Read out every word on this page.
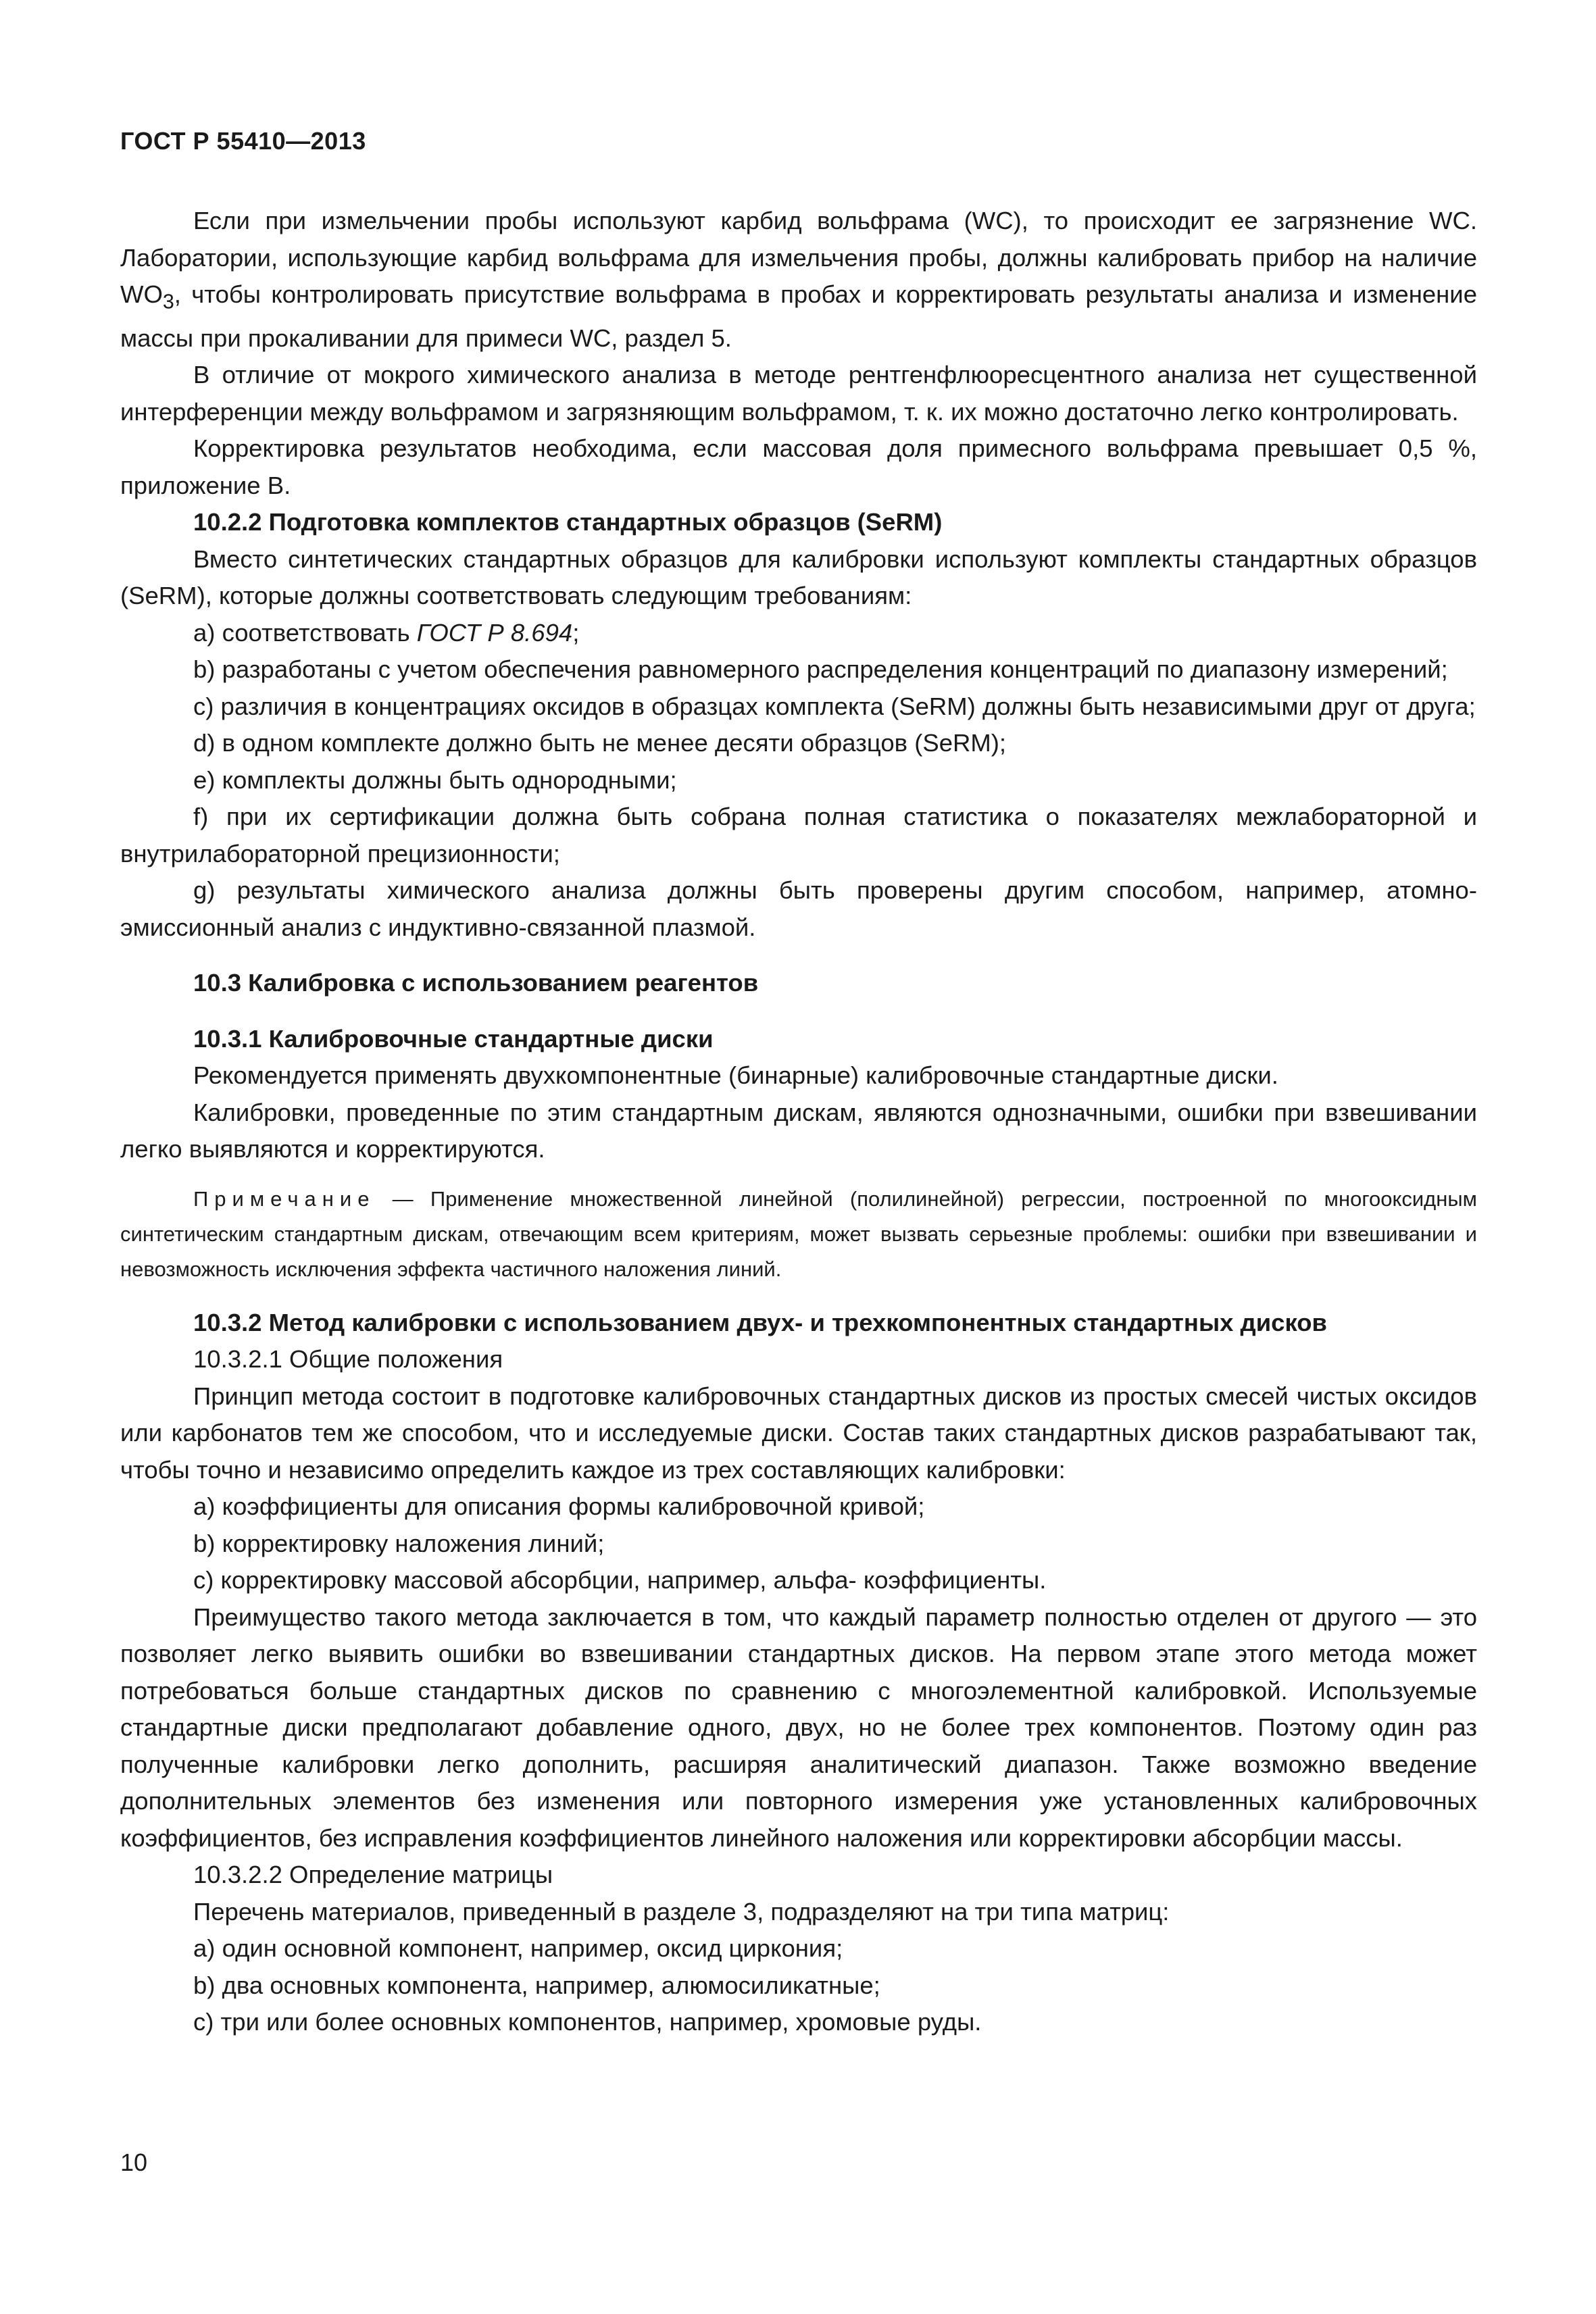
ГОСТ Р 55410—2013

Если при измельчении пробы используют карбид вольфрама (WC), то происходит ее загрязнение WC. Лаборатории, использующие карбид вольфрама для измельчения пробы, должны калибровать прибор на наличие $WO_3$, чтобы контролировать присутствие вольфрама в пробах и корректировать результаты анализа и изменение массы при прокаливании для примеси WC, раздел 5.

В отличие от мокрого химического анализа в методе рентгенфлюоресцентного анализа нет существенной интерференции между вольфрамом и загрязняющим вольфрамом, т. к. их можно достаточно легко контролировать.

Корректировка результатов необходима, если массовая доля примесного вольфрама превышает 0,5 %, приложение В.

10.2.2 Подготовка комплектов стандартных образцов (SeRM)

Вместо синтетических стандартных образцов для калибровки используют комплекты стандартных образцов (SeRM), которые должны соответствовать следующим требованиям:

a) соответствовать ГОСТ Р 8.694;

b) разработаны с учетом обеспечения равномерного распределения концентраций по диапазону измерений;

c) различия в концентрациях оксидов в образцах комплекта (SeRM) должны быть независимыми друг от друга;

d) в одном комплекте должно быть не менее десяти образцов (SeRM);

e) комплекты должны быть однородными;

f) при их сертификации должна быть собрана полная статистика о показателях межлабораторной и внутрилабораторной прецизионности;

g) результаты химического анализа должны быть проверены другим способом, например, атомно-эмиссионный анализ с индуктивно-связанной плазмой.

10.3 Калибровка с использованием реагентов

10.3.1 Калибровочные стандартные диски

Рекомендуется применять двухкомпонентные (бинарные) калибровочные стандартные диски.

Калибровки, проведенные по этим стандартным дискам, являются однозначными, ошибки при взвешивании легко выявляются и корректируются.

Примечание — Применение множественной линейной (полилинейной) регрессии, построенной по многооксидным синтетическим стандартным дискам, отвечающим всем критериям, может вызвать серьезные проблемы: ошибки при взвешивании и невозможность исключения эффекта частичного наложения линий.

10.3.2 Метод калибровки с использованием двух- и трехкомпонентных стандартных дисков

10.3.2.1 Общие положения

Принцип метода состоит в подготовке калибровочных стандартных дисков из простых смесей чистых оксидов или карбонатов тем же способом, что и исследуемые диски. Состав таких стандартных дисков разрабатывают так, чтобы точно и независимо определить каждое из трех составляющих калибровки:

a) коэффициенты для описания формы калибровочной кривой;

b) корректировку наложения линий;

c) корректировку массовой абсорбции, например, альфа- коэффициенты.

Преимущество такого метода заключается в том, что каждый параметр полностью отделен от другого — это позволяет легко выявить ошибки во взвешивании стандартных дисков. На первом этапе этого метода может потребоваться больше стандартных дисков по сравнению с многоэлементной калибровкой. Используемые стандартные диски предполагают добавление одного, двух, но не более трех компонентов. Поэтому один раз полученные калибровки легко дополнить, расширяя аналитический диапазон. Также возможно введение дополнительных элементов без изменения или повторного измерения уже установленных калибровочных коэффициентов, без исправления коэффициентов линейного наложения или корректировки абсорбции массы.

10.3.2.2 Определение матрицы

Перечень материалов, приведенный в разделе 3, подразделяют на три типа матриц:

a) один основной компонент, например, оксид циркония;

b) два основных компонента, например, алюмосиликатные;

c) три или более основных компонентов, например, хромовые руды.

10
